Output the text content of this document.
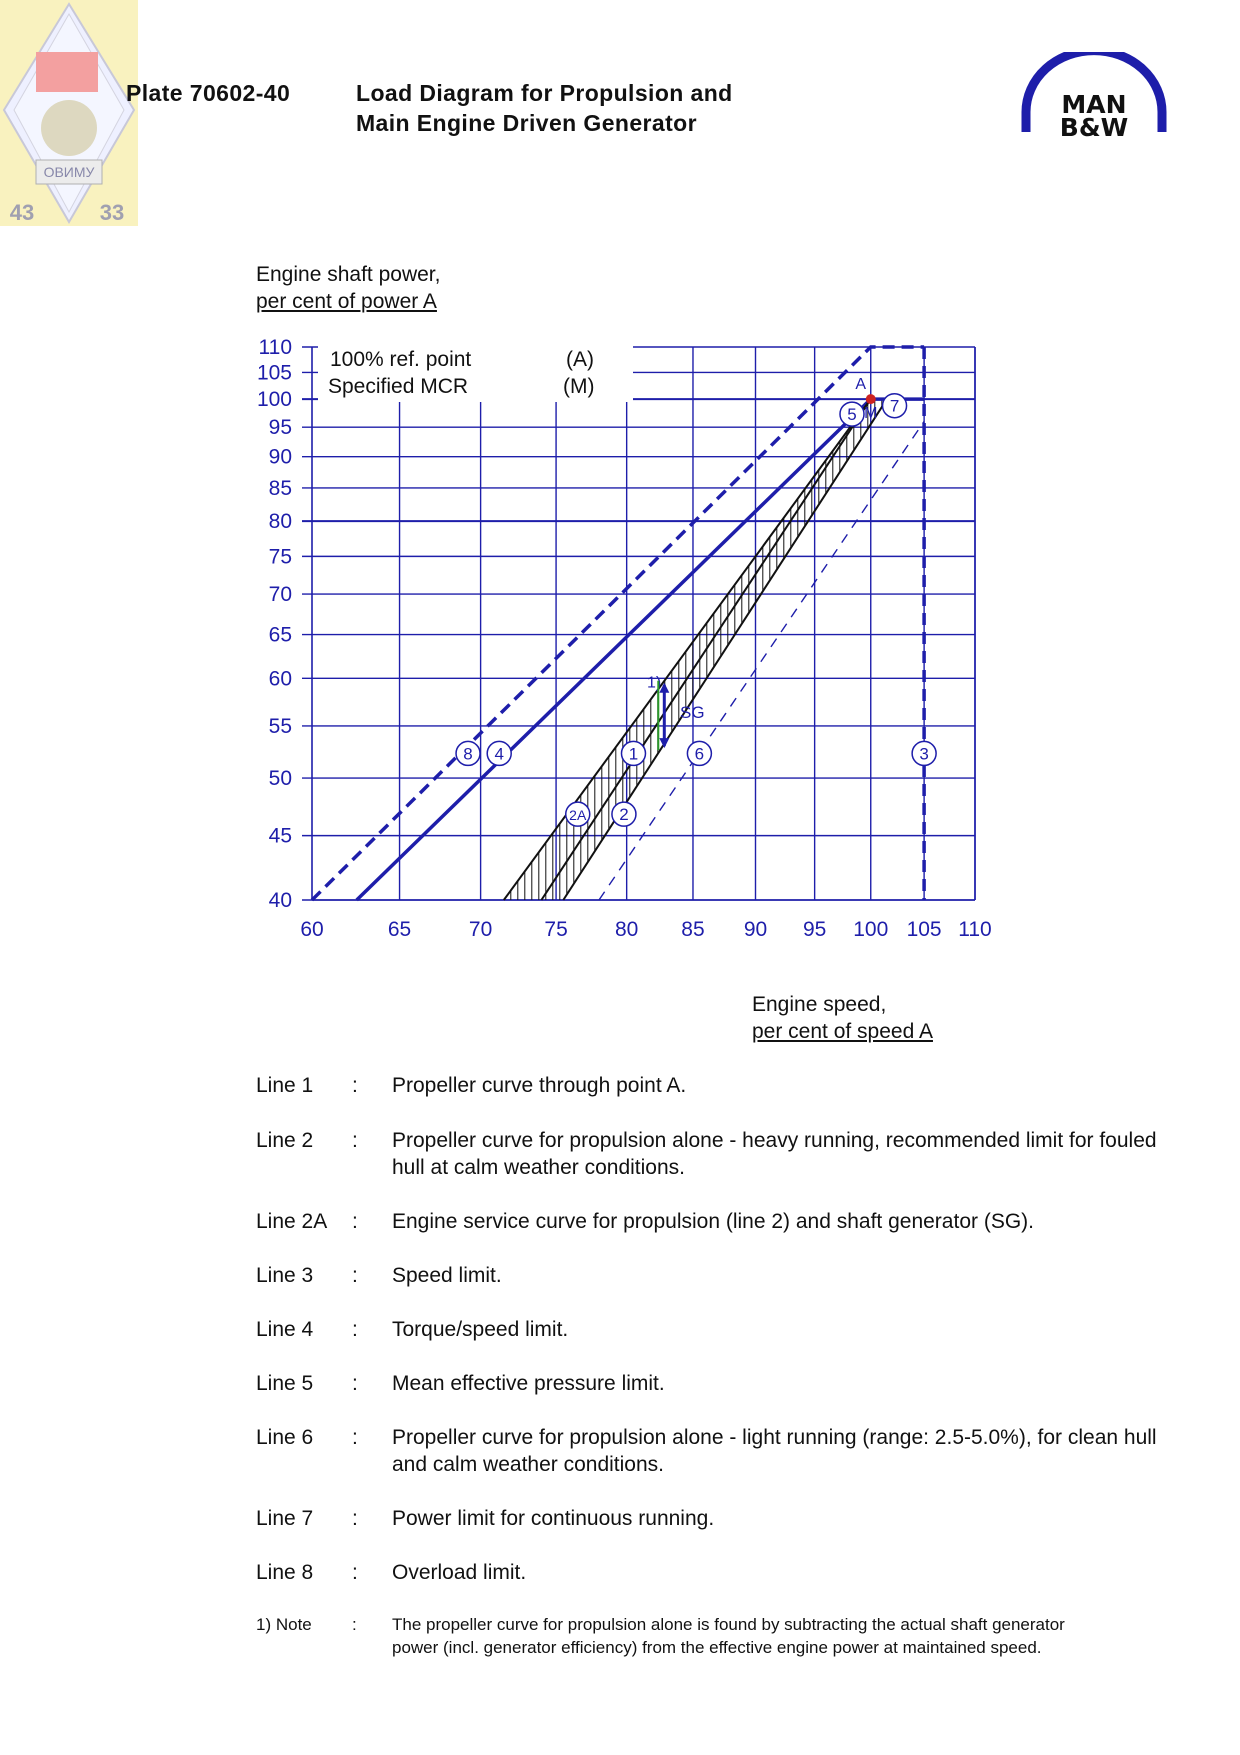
ОВИМУ
43	33
Plate 70602-40	Load Diagram for Propulsion and
Main Engine Driven Generator
MAN
B&W
Engine shaft power,
per cent of power A
60	65	70 75 80 85 90 95 100 105 110
40
45
50
55
60
65
70
75
80
85
90
95
100
105
110
8 4
2A 2
1	6	3
5 7
100% ref. point	(A)
Specified MCR	(M)	A
M
SG
1)
Engine speed,
per cent of speed A
Line 1 : Propeller curve through point A.
Line 2 : Propeller curve for propulsion alone - heavy running, recommended limit for fouled hull at calm weather conditions.
Line 2A : Engine service curve for propulsion (line 2) and shaft generator (SG).
Line 3 : Speed limit.
Line 4 : Torque/speed limit.
Line 5 : Mean effective pressure limit.
Line 6 : Propeller curve for propulsion alone - light running (range: 2.5-5.0%), for clean hull and calm weather conditions.
Line 7 : Power limit for continuous running.
Line 8 : Overload limit.
1) Note : The propeller curve for propulsion alone is found by subtracting the actual shaft generator power (incl. generator efficiency) from the effective engine power at maintained speed.
